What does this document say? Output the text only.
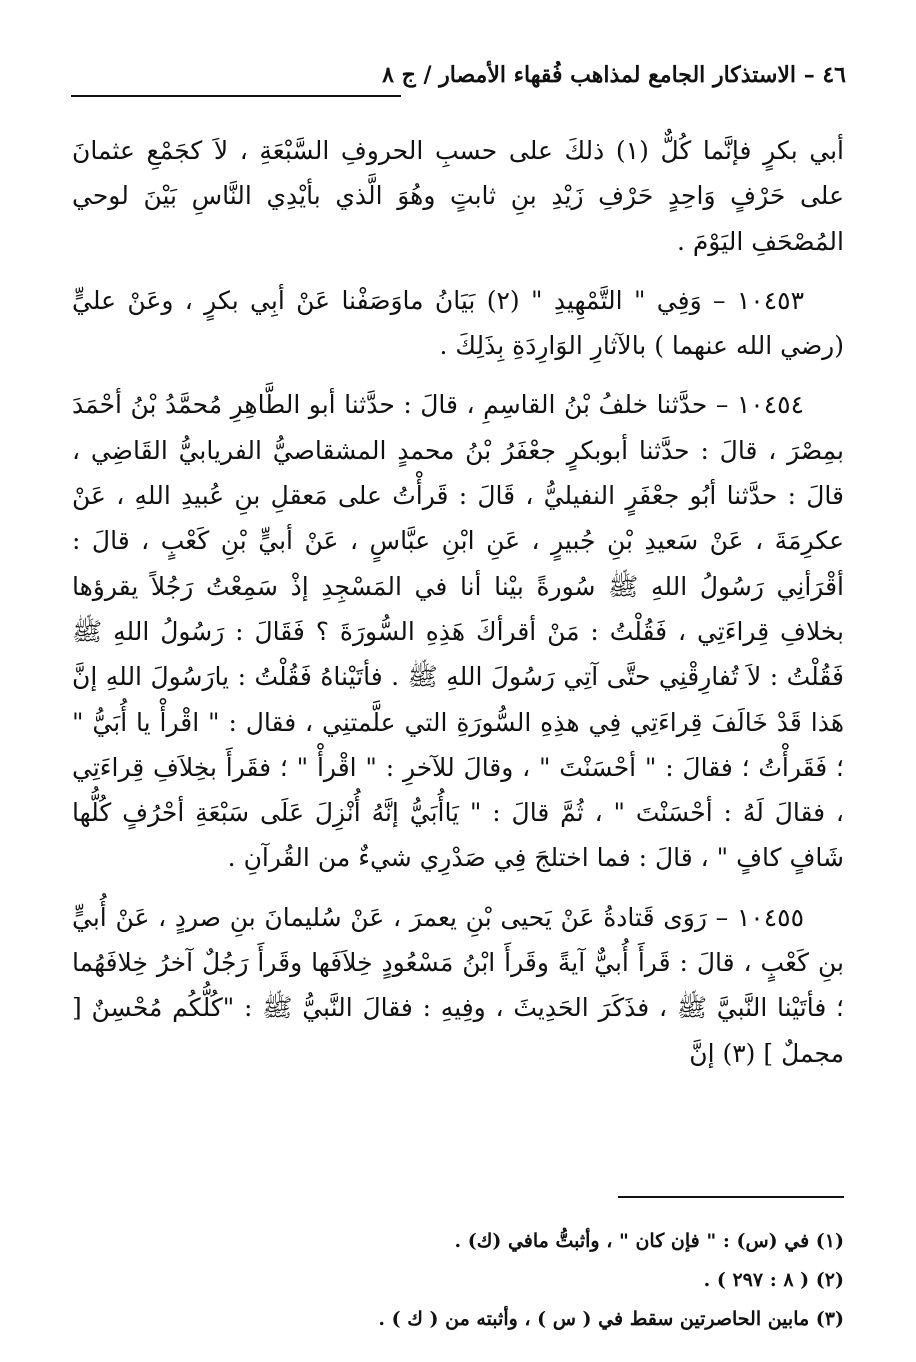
٤٦ – الاستذكار الجامع لمذاهب فُقهاء الأمصار / ج ٨

أبي بكرٍ فإنَّما كُلٌّ (١) ذلكَ على حسبِ الحروفِ السَّبْعَةِ ، لاَ كجَمْعِ عثمانَ على حَرْفٍ وَاحِدٍ حَرْفِ زَيْدِ بنِ ثابتٍ وهُوَ الَّذي بأيْدِي النَّاسِ بَيْنَ لوحي المُصْحَفِ اليَوْمَ .

١٠٤٥٣ – وَفِي " التَّمْهِيدِ " (٢) بَيَانُ ماوَصَفْنا عَنْ أبِي بكرٍ ، وعَنْ عليٍّ (رضي الله عنهما ) بالآثارِ الوَارِدَةِ بِذَلِكَ .

١٠٤٥٤ – حدَّثنا خلفُ بْنُ القاسِمِ ، قالَ : حدَّثنا أبو الطَّاهِرِ مُحمَّدُ بْنُ أحْمَدَ بمِصْرَ ، قالَ : حدَّثنا أبوبكرٍ جعْفَرُ بْنُ محمدٍ المشقاصيُّ الفريابيُّ القَاضِي ، قالَ : حدَّثنا أبُو جعْفَرٍ النفيليُّ ، قَالَ : قَرأْتُ على مَعقلِ بنِ عُبيدِ اللهِ ، عَنْ عكرِمَةَ ، عَنْ سَعيدِ بْنِ جُبيرٍ ، عَنِ ابْنِ عبَّاسٍ ، عَنْ أبيٍّ بْنِ كَعْبٍ ، قالَ : أقْرَأنِي رَسُولُ اللهِ ﷺ سُورةً بيْنا أنا في المَسْجِدِ إذْ سَمِعْتُ رَجُلاً يقرؤها بخلافِ قِراءَتِي ، فَقُلْتُ : مَنْ أقرأكَ هَذِهِ السُّورَةَ ؟ فَقَالَ : رَسُولُ اللهِ ﷺ فَقُلْتُ : لاَ تُفارِقْنِي حتَّى آتِي رَسُولَ اللهِ ﷺ . فأتَيْناهُ فَقُلْتُ : يارَسُولَ اللهِ إنَّ هَذا قَدْ خَالَفَ قِراءَتِي فِي هذِهِ السُّورَةِ التي علَّمتنِي ، فقال : " اقْرأْ يا أُبَيُّ " ؛ فَقَرأْتُ ؛ فقالَ : " أحْسَنْتَ " ، وقالَ للآخرِ : " اقْرأْ " ؛ فقَرأَ بخِلاَفِ قِراءَتِي ، فقالَ لَهُ : أحْسَنْتَ " ، ثُمَّ قالَ : " يَاأُبَيُّ إنَّهُ أُنْزِلَ عَلَى سَبْعَةِ أحْرُفٍ كُلُّها شَافٍ كافٍ " ، قالَ : فما اختلجَ فِي صَدْرِي شيءٌ من القُرآنِ .

١٠٤٥٥ – رَوَى قَتادةُ عَنْ يَحيى بْنِ يعمرَ ، عَنْ سُليمانَ بنِ صردٍ ، عَنْ أُبيٍّ بنِ كَعْبٍ ، قالَ : قَرأَ أُبيٌّ آيةً وقَرأَ ابْنُ مَسْعُودٍ خِلاَفَها وقَرأَ رَجُلٌ آخرُ خِلافَهُما ؛ فأتَيْنا النَّبيَّ ﷺ ، فذَكَرَ الحَدِيثَ ، وفِيهِ : فقالَ النَّبيُّ ﷺ : "كُلُّكُم مُحْسِنٌ [ مجملٌ ] (٣) إنَّ

(١) في (س) : " فإن كان " ، وأثبتُّ مافي (ك) .

(٢) ( ٨ : ٢٩٧ ) .

(٣) مابين الحاصرتين سقط في ( س ) ، وأثبته من ( ك ) .
